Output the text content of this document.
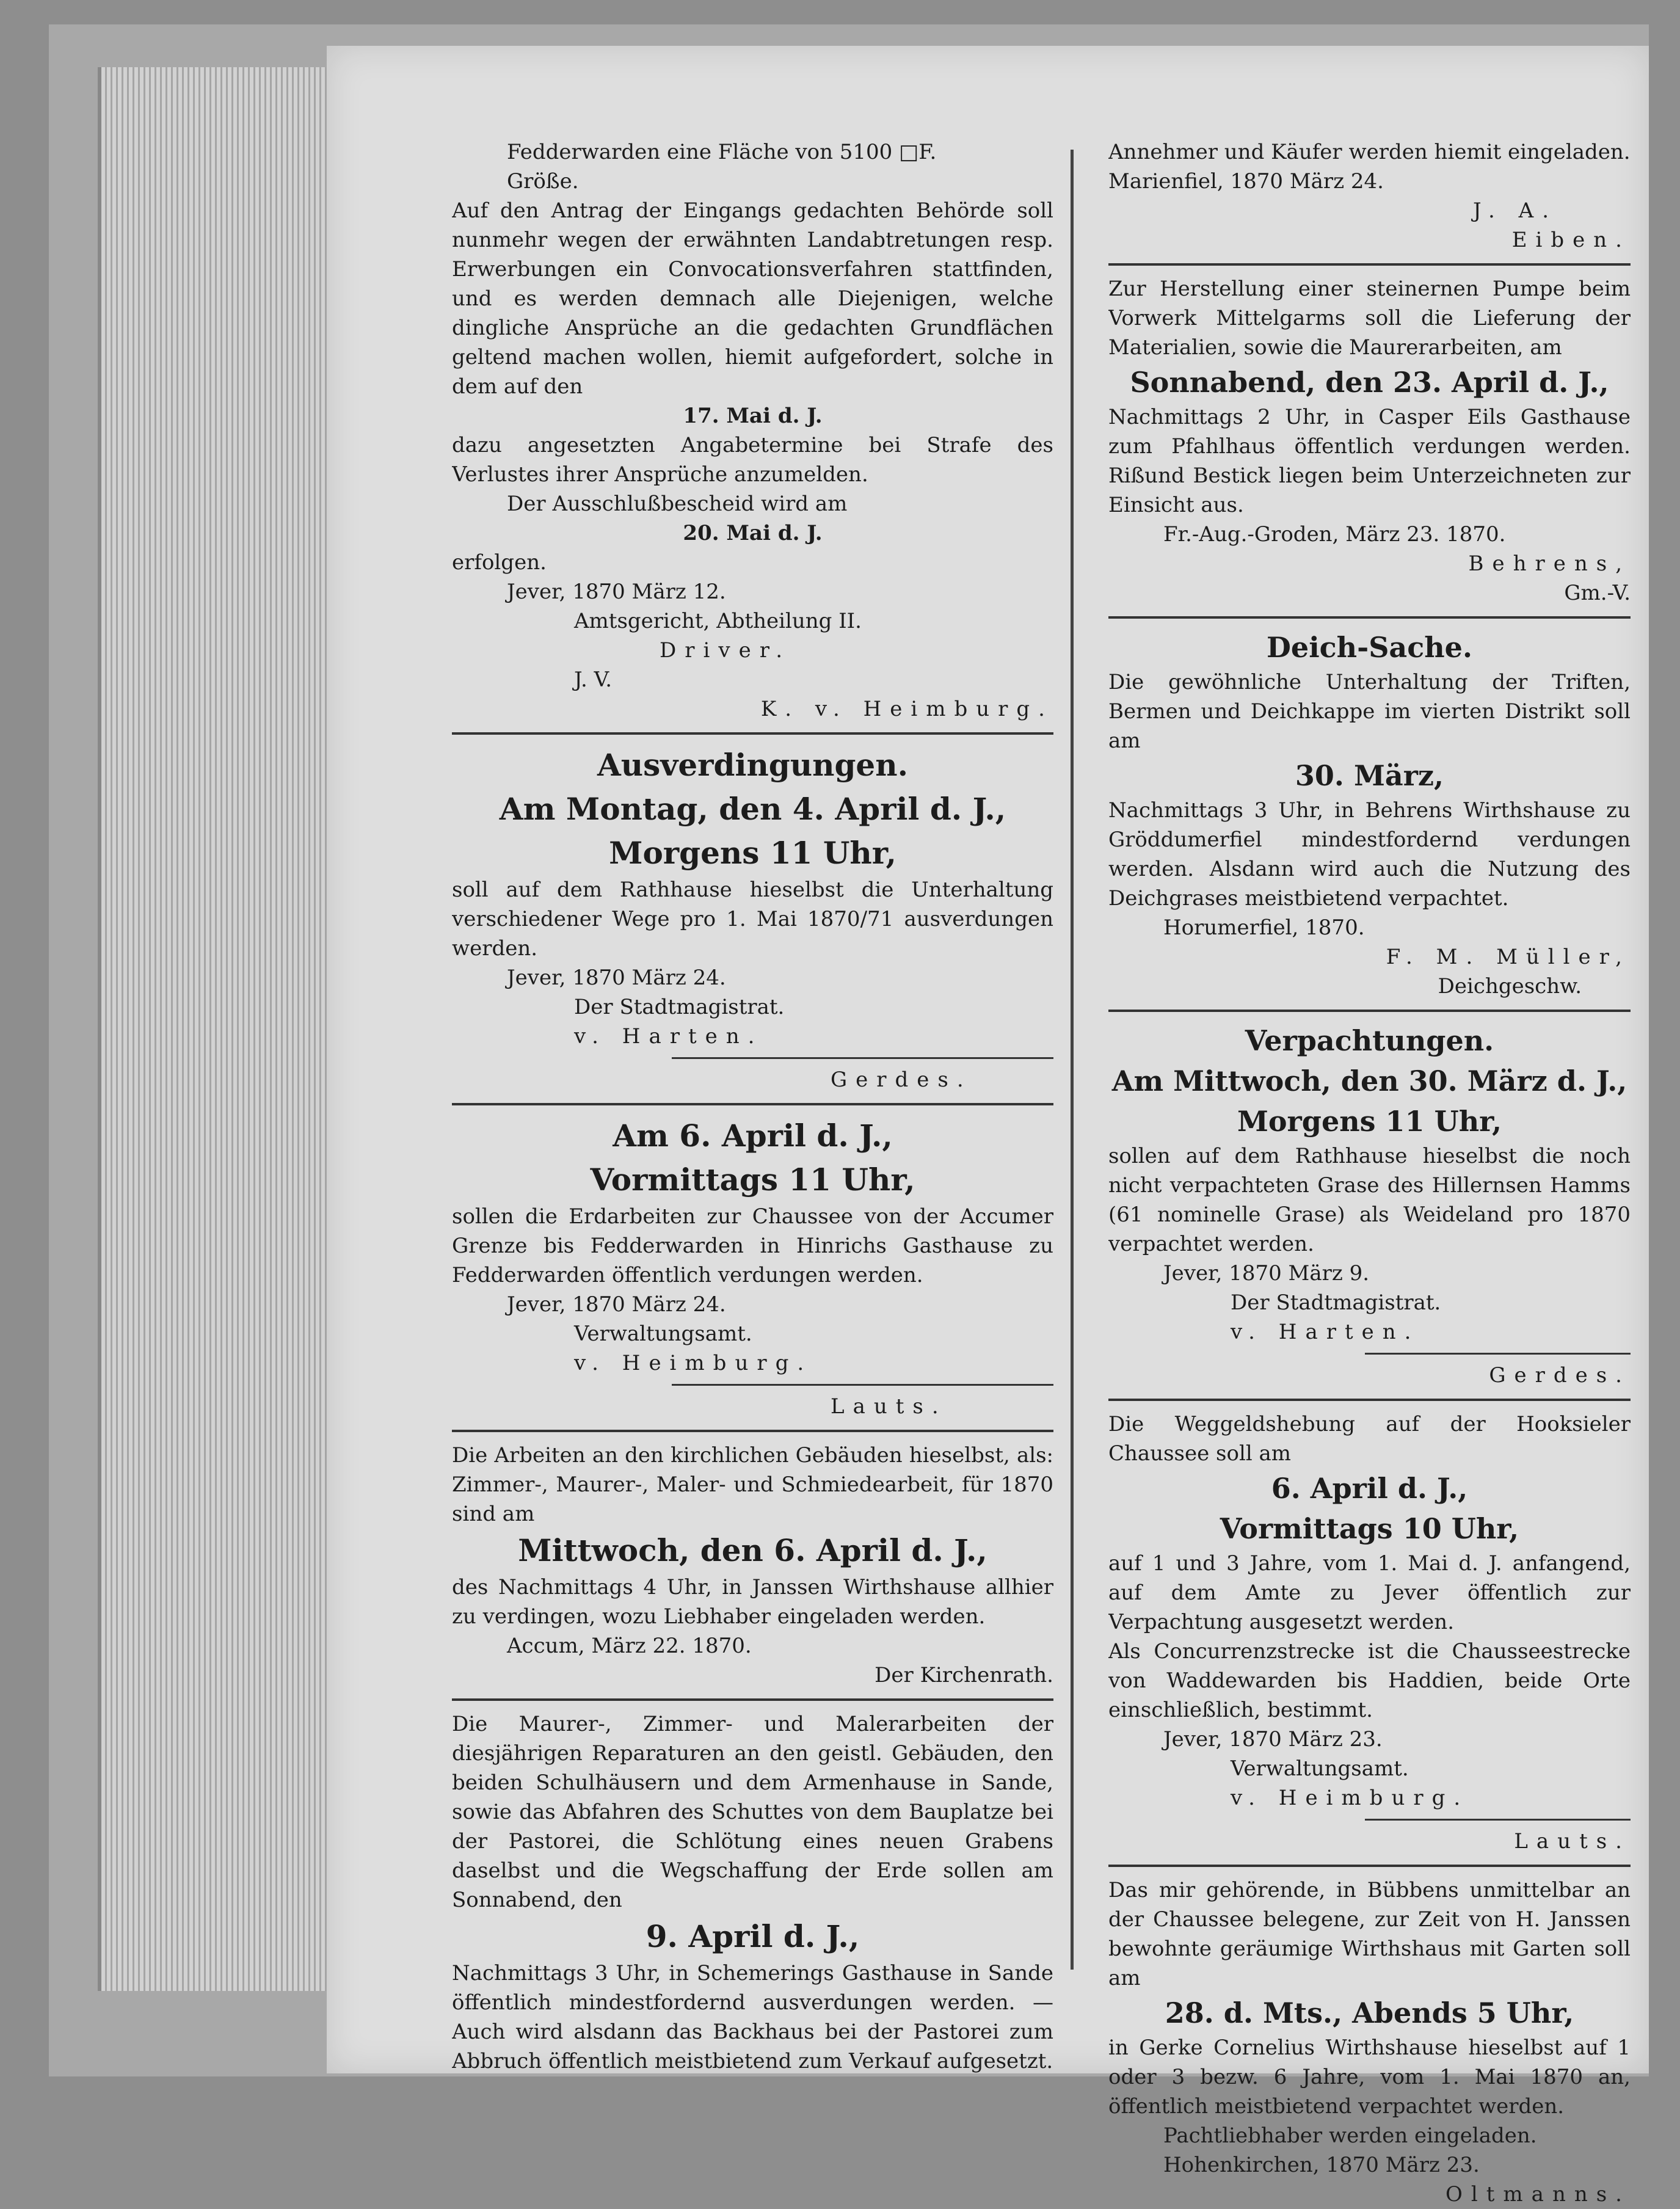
Fedderwarden eine Fläche von 5100 □F.

Größe.

Auf den Antrag der Eingangs gedachten Behörde soll nunmehr wegen der erwähnten Landabtretungen resp. Erwerbungen ein Convocationsverfahren stattfinden, und es werden demnach alle Diejenigen, welche dingliche Ansprüche an die gedachten Grundflächen geltend machen wollen, hiemit aufgefordert, solche in dem auf den

17. Mai d. J.

dazu angesetzten Angabetermine bei Strafe des Verlustes ihrer Ansprüche anzumelden.

Der Ausschlußbescheid wird am

20. Mai d. J.

erfolgen.

Jever, 1870 März 12.

Amtsgericht, Abtheilung II.

Driver.

J. V.

K. v. Heimburg.

Ausverdingungen.
Am Montag, den 4. April d. J.,
Morgens 11 Uhr,

soll auf dem Rathhause hieselbst die Unterhaltung verschiedener Wege pro 1. Mai 1870/71 ausverdungen werden.

Jever, 1870 März 24.

Der Stadtmagistrat.

v. Harten.

Gerdes.

Am 6. April d. J.,
Vormittags 11 Uhr,

sollen die Erdarbeiten zur Chaussee von der Accumer Grenze bis Fedderwarden in Hinrichs Gasthause zu Fedderwarden öffentlich verdungen werden.

Jever, 1870 März 24.

Verwaltungsamt.

v. Heimburg.

Lauts.

Die Arbeiten an den kirchlichen Gebäuden hieselbst, als: Zimmer-, Maurer-, Maler- und Schmiedearbeit, für 1870 sind am

Mittwoch, den 6. April d. J.,

des Nachmittags 4 Uhr, in Janssen Wirthshause allhier zu verdingen, wozu Liebhaber eingeladen werden.

Accum, März 22. 1870.

Der Kirchenrath.

Die Maurer-, Zimmer- und Malerarbeiten der diesjährigen Reparaturen an den geistl. Gebäuden, den beiden Schulhäusern und dem Armenhause in Sande, sowie das Abfahren des Schuttes von dem Bauplatze bei der Pastorei, die Schlötung eines neuen Grabens daselbst und die Wegschaffung der Erde sollen am Sonnabend, den

9. April d. J.,

Nachmittags 3 Uhr, in Schemerings Gasthause in Sande öffentlich mindestfordernd ausverdungen werden. — Auch wird alsdann das Backhaus bei der Pastorei zum Abbruch öffentlich meistbietend zum Verkauf aufgesetzt.

Annehmer und Käufer werden hiemit eingeladen.

Marienfiel, 1870 März 24.

J. A.

Eiben.

Zur Herstellung einer steinernen Pumpe beim Vorwerk Mittelgarms soll die Lieferung der Materialien, sowie die Maurerarbeiten, am

Sonnabend, den 23. April d. J.,

Nachmittags 2 Uhr, in Casper Eils Gasthause zum Pfahlhaus öffentlich verdungen werden. Rißund Bestick liegen beim Unterzeichneten zur Einsicht aus.

Fr.-Aug.-Groden, März 23. 1870.

Behrens,

Gm.-V.

Deich-Sache.

Die gewöhnliche Unterhaltung der Triften, Bermen und Deichkappe im vierten Distrikt soll am

30. März,

Nachmittags 3 Uhr, in Behrens Wirthshause zu Gröddumerfiel mindestfordernd verdungen werden. Alsdann wird auch die Nutzung des Deichgrases meistbietend verpachtet.

Horumerfiel, 1870.

F. M. Müller,

Deichgeschw.

Verpachtungen.
Am Mittwoch, den 30. März d. J.,
Morgens 11 Uhr,

sollen auf dem Rathhause hieselbst die noch nicht verpachteten Grase des Hillernsen Hamms (61 nominelle Grase) als Weideland pro 1870 verpachtet werden.

Jever, 1870 März 9.

Der Stadtmagistrat.

v. Harten.

Gerdes.

Die Weggeldshebung auf der Hooksieler Chaussee soll am

6. April d. J.,
Vormittags 10 Uhr,

auf 1 und 3 Jahre, vom 1. Mai d. J. anfangend, auf dem Amte zu Jever öffentlich zur Verpachtung ausgesetzt werden.

Als Concurrenzstrecke ist die Chausseestrecke von Waddewarden bis Haddien, beide Orte einschließlich, bestimmt.

Jever, 1870 März 23.

Verwaltungsamt.

v. Heimburg.

Lauts.

Das mir gehörende, in Bübbens unmittelbar an der Chaussee belegene, zur Zeit von H. Janssen bewohnte geräumige Wirthshaus mit Garten soll am

28. d. Mts., Abends 5 Uhr,

in Gerke Cornelius Wirthshause hieselbst auf 1 oder 3 bezw. 6 Jahre, vom 1. Mai 1870 an, öffentlich meistbietend verpachtet werden.

Pachtliebhaber werden eingeladen.

Hohenkirchen, 1870 März 23.

Oltmanns.
